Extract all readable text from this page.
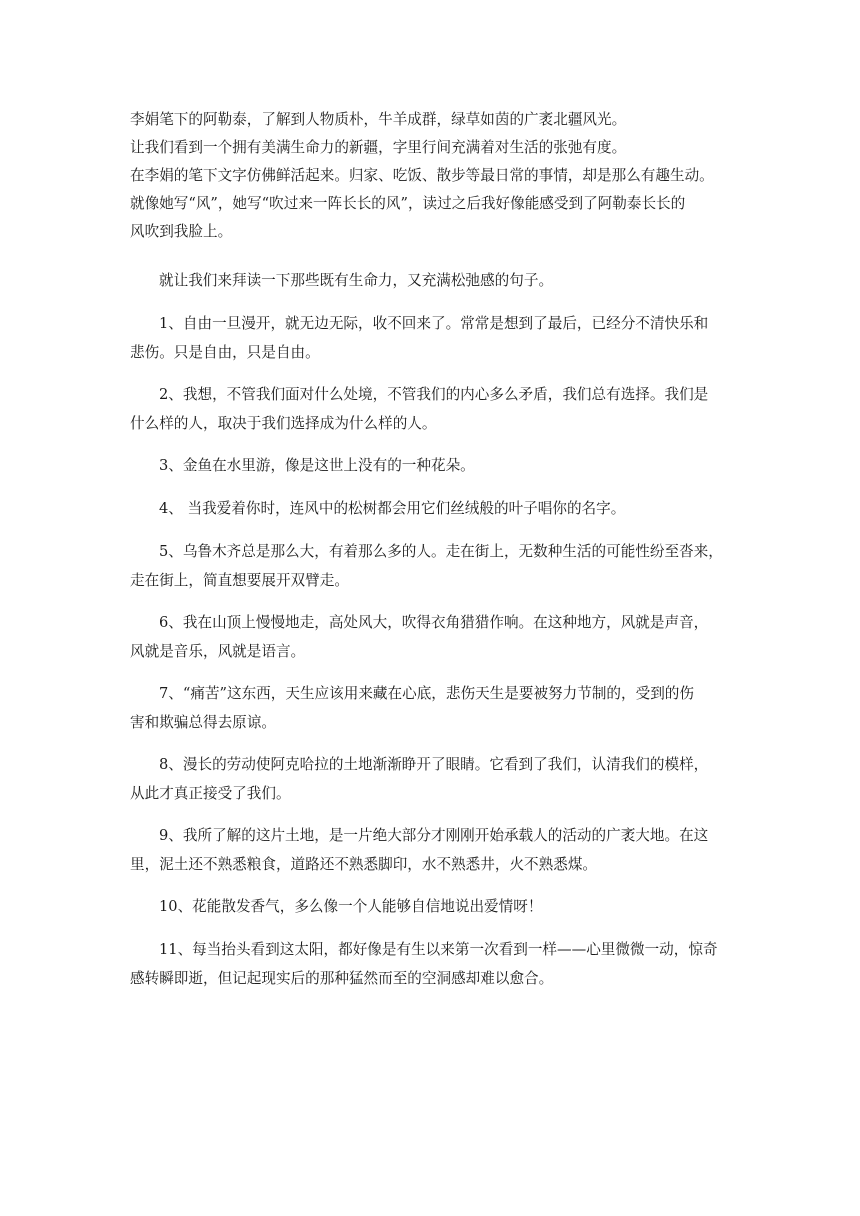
李娟笔下的阿勒泰，了解到人物质朴，牛羊成群，绿草如茵的广袤北疆风光。

让我们看到一个拥有美满生命力的新疆，字里行间充满着对生活的张弛有度。

在李娟的笔下文字仿佛鲜活起来。归家、吃饭、散步等最日常的事情，却是那么有趣生动。

就像她写“风”，她写“吹过来一阵长长的风”，读过之后我好像能感受到了阿勒泰长长的

风吹到我脸上。

就让我们来拜读一下那些既有生命力，又充满松弛感的句子。

1、自由一旦漫开，就无边无际，收不回来了。常常是想到了最后，已经分不清快乐和

悲伤。只是自由，只是自由。

2、我想，不管我们面对什么处境，不管我们的内心多么矛盾，我们总有选择。我们是

什么样的人，取决于我们选择成为什么样的人。

3、金鱼在水里游，像是这世上没有的一种花朵。

4、 当我爱着你时，连风中的松树都会用它们丝绒般的叶子唱你的名字。

5、乌鲁木齐总是那么大，有着那么多的人。走在街上，无数种生活的可能性纷至沓来，

走在街上，简直想要展开双臂走。

6、我在山顶上慢慢地走，高处风大，吹得衣角猎猎作响。在这种地方，风就是声音，

风就是音乐，风就是语言。

7、“痛苦”这东西，天生应该用来藏在心底，悲伤天生是要被努力节制的，受到的伤

害和欺骗总得去原谅。

8、漫长的劳动使阿克哈拉的土地渐渐睁开了眼睛。它看到了我们，认清我们的模样，

从此才真正接受了我们。

9、我所了解的这片土地，是一片绝大部分才刚刚开始承载人的活动的广袤大地。在这

里，泥土还不熟悉粮食，道路还不熟悉脚印，水不熟悉井，火不熟悉煤。

10、花能散发香气，多么像一个人能够自信地说出爱情呀！

11、每当抬头看到这太阳，都好像是有生以来第一次看到一样——心里微微一动，惊奇

感转瞬即逝，但记起现实后的那种猛然而至的空洞感却难以愈合。
